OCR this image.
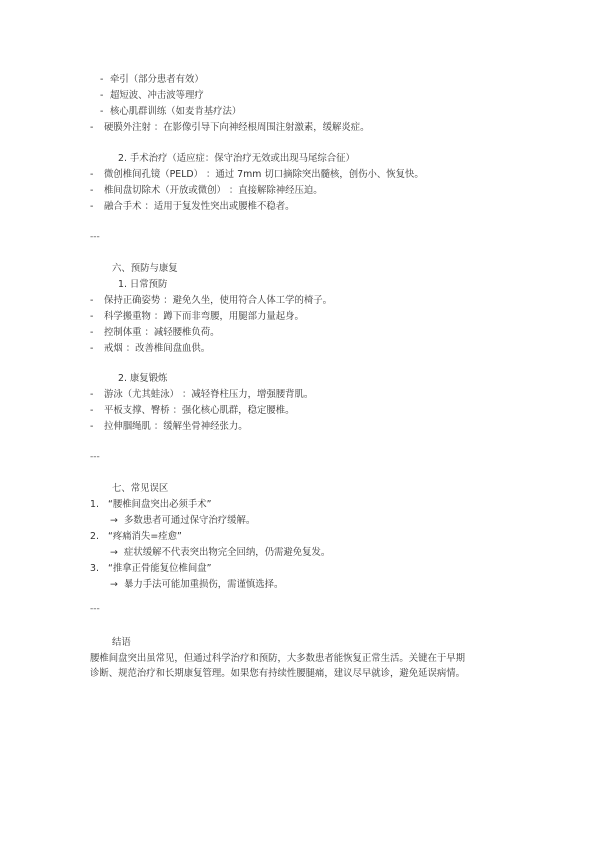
- 牵引（部分患者有效）
- 超短波、冲击波等理疗
- 核心肌群训练（如麦肯基疗法）
- 硬膜外注射 ：在影像引导下向神经根周围注射激素，缓解炎症。
2. 手术治疗（适应症：保守治疗无效或出现马尾综合征）
- 微创椎间孔镜（PELD） ：通过 7mm 切口摘除突出髓核，创伤小、恢复快。
- 椎间盘切除术（开放或微创） ：直接解除神经压迫。
- 融合手术 ：适用于复发性突出或腰椎不稳者。
---
六、预防与康复
1. 日常预防
- 保持正确姿势 ：避免久坐，使用符合人体工学的椅子。
- 科学搬重物 ：蹲下而非弯腰，用腿部力量起身。
- 控制体重 ：减轻腰椎负荷。
- 戒烟 ：改善椎间盘血供。
2. 康复锻炼
- 游泳（尤其蛙泳） ：减轻脊柱压力，增强腰背肌。
- 平板支撑、臀桥 ：强化核心肌群，稳定腰椎。
- 拉伸腘绳肌 ：缓解坐骨神经张力。
---
七、常见误区
1. “腰椎间盘突出必须手术”
→ 多数患者可通过保守治疗缓解。
2. “疼痛消失=痊愈”
→ 症状缓解不代表突出物完全回纳，仍需避免复发。
3. “推拿正骨能复位椎间盘”
→ 暴力手法可能加重损伤，需谨慎选择。
---
结语
腰椎间盘突出虽常见，但通过科学治疗和预防，大多数患者能恢复正常生活。关键在于早期
诊断、规范治疗和长期康复管理。如果您有持续性腰腿痛，建议尽早就诊，避免延误病情。
